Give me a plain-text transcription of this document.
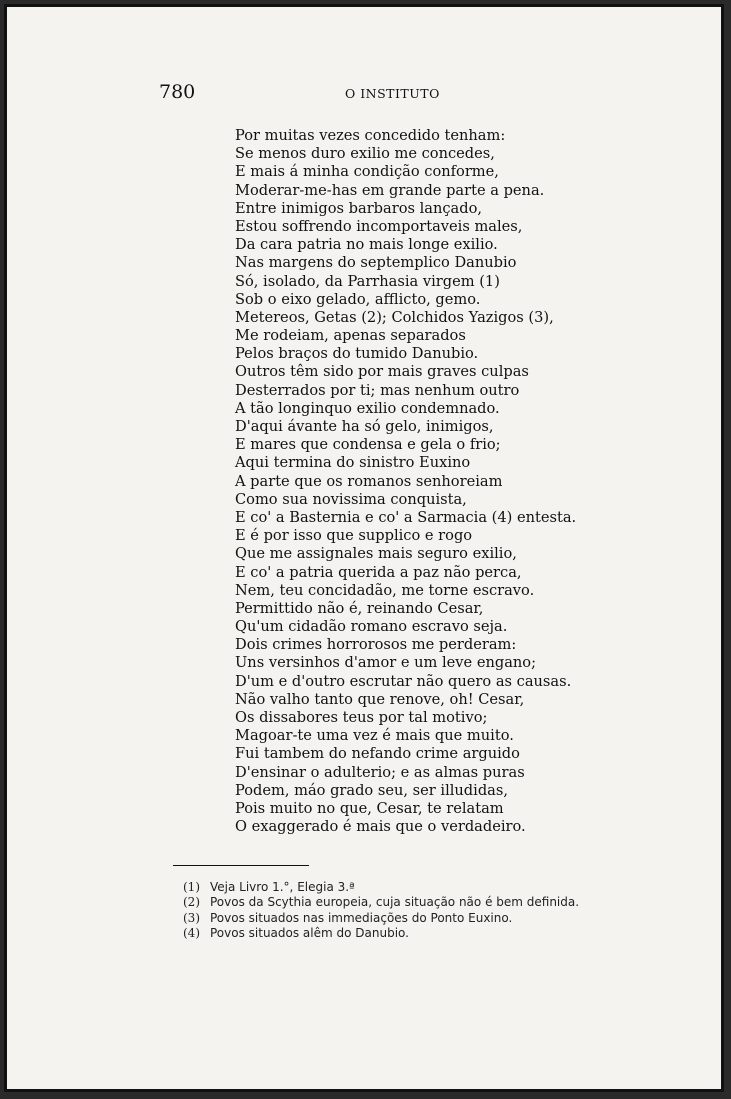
780	O INSTITUTO

Por muitas vezes concedido tenham:
Se menos duro exilio me concedes,
E mais á minha condição conforme,
Moderar-me-has em grande parte a pena.
Entre inimigos barbaros lançado,
Estou soffrendo incomportaveis males,
Da cara patria no mais longe exilio.
Nas margens do septemplico Danubio
Só, isolado, da Parrhasia virgem (1)
Sob o eixo gelado, afflicto, gemo.
Metereos, Getas (2); Colchidos Yazigos (3),
Me rodeiam, apenas separados
Pelos braços do tumido Danubio.
Outros têm sido por mais graves culpas
Desterrados por ti; mas nenhum outro
A tão longinquo exilio condemnado.
D'aqui ávante ha só gelo, inimigos,
E mares que condensa e gela o frio;
Aqui termina do sinistro Euxino
A parte que os romanos senhoreiam
Como sua novissima conquista,
E co' a Basternia e co' a Sarmacia (4) entesta.
E é por isso que supplico e rogo
Que me assignales mais seguro exilio,
E co' a patria querida a paz não perca,
Nem, teu concidadão, me torne escravo.
Permittido não é, reinando Cesar,
Qu'um cidadão romano escravo seja.
Dois crimes horrorosos me perderam:
Uns versinhos d'amor e um leve engano;
D'um e d'outro escrutar não quero as causas.
Não valho tanto que renove, oh! Cesar,
Os dissabores teus por tal motivo;
Magoar-te uma vez é mais que muito.
Fui tambem do nefando crime arguido
D'ensinar o adulterio; e as almas puras
Podem, máo grado seu, ser illudidas,
Pois muito no que, Cesar, te relatam
O exaggerado é mais que o verdadeiro.
(1) Veja Livro 1.°, Elegia 3.ª
(2) Povos da Scythia europeia, cuja situação não é bem definida.
(3) Povos situados nas immediações do Ponto Euxino.
(4) Povos situados alêm do Danubio.
